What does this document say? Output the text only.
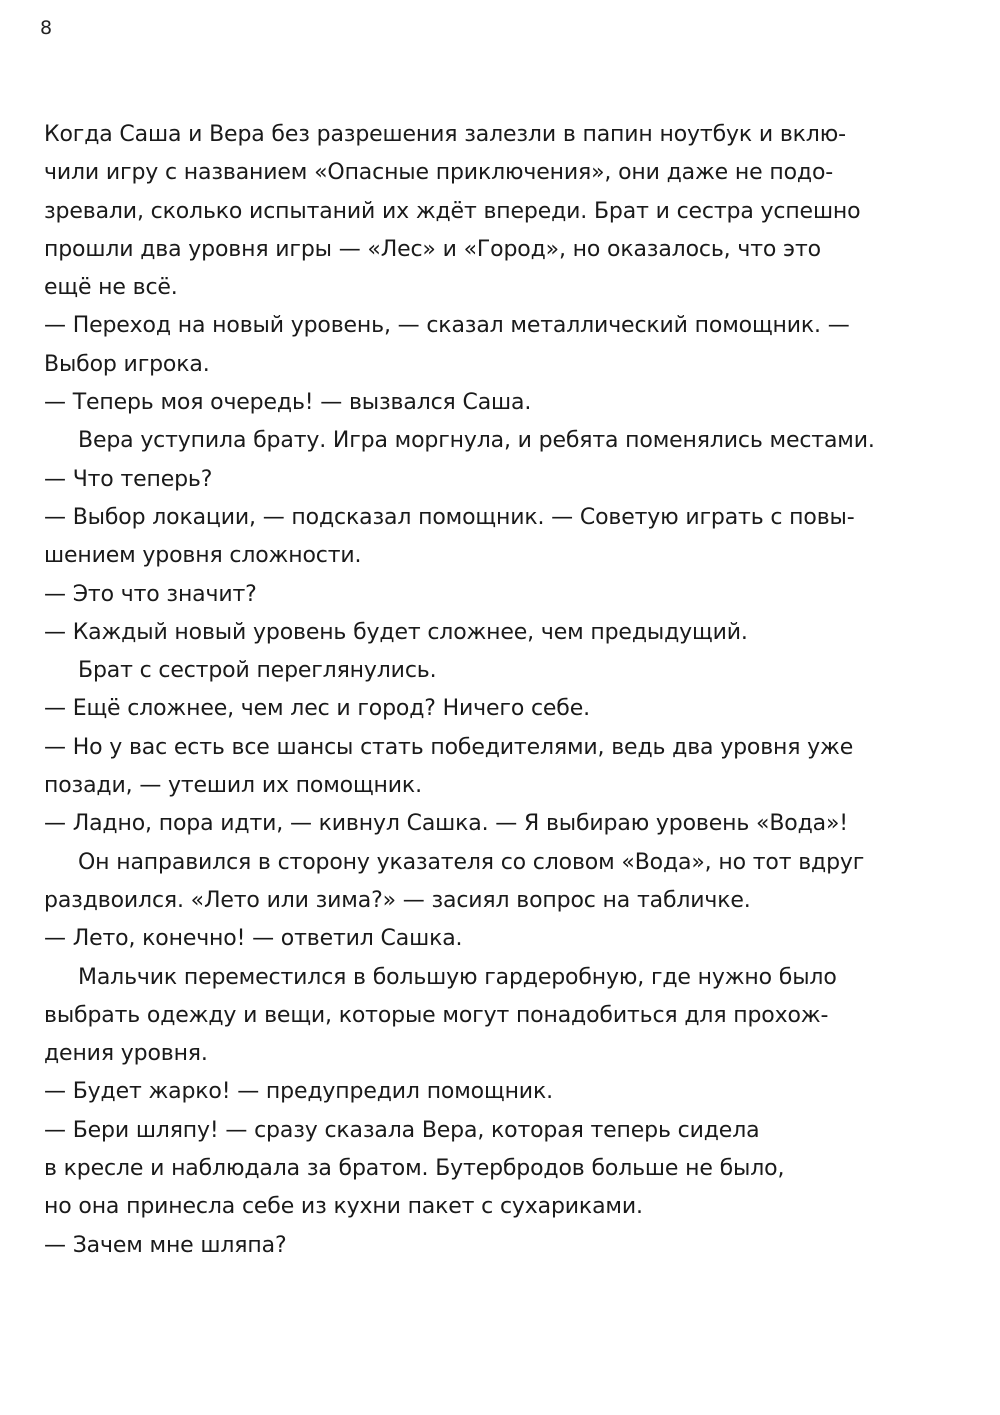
8
Когда Саша и Вера без разрешения залезли в папин ноутбук и вклю-
чили игру с названием «Опасные приключения», они даже не подо-
зревали, сколько испытаний их ждёт впереди. Брат и сестра успешно
прошли два уровня игры — «Лес» и «Город», но оказалось, что это
ещё не всё.
— Переход на новый уровень, — сказал металлический помощник. —
Выбор игрока.
— Теперь моя очередь! — вызвался Саша.
Вера уступила брату. Игра моргнула, и ребята поменялись местами.
— Что теперь?
— Выбор локации, — подсказал помощник. — Советую играть с повы-
шением уровня сложности.
— Это что значит?
— Каждый новый уровень будет сложнее, чем предыдущий.
Брат с сестрой переглянулись.
— Ещё сложнее, чем лес и город? Ничего себе.
— Но у вас есть все шансы стать победителями, ведь два уровня уже
позади, — утешил их помощник.
— Ладно, пора идти, — кивнул Сашка. — Я выбираю уровень «Вода»!
Он направился в сторону указателя со словом «Вода», но тот вдруг
раздвоился. «Лето или зима?» — засиял вопрос на табличке.
— Лето, конечно! — ответил Сашка.
Мальчик переместился в большую гардеробную, где нужно было
выбрать одежду и вещи, которые могут понадобиться для прохож-
дения уровня.
— Будет жарко! — предупредил помощник.
— Бери шляпу! — сразу сказала Вера, которая теперь сидела
в кресле и наблюдала за братом. Бутербродов больше не было,
но она принесла себе из кухни пакет с сухариками.
— Зачем мне шляпа?
